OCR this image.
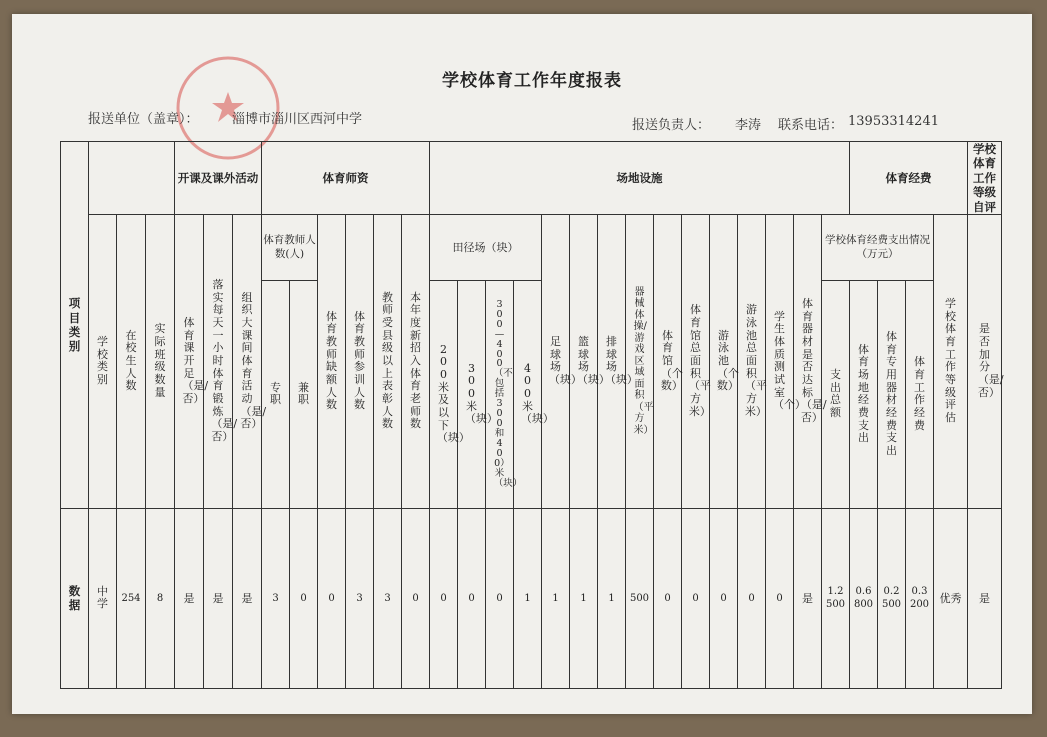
学校体育工作年度报表
报送单位（盖章）：	淄博市淄川区西河中学	报送负责人： 李涛 联系电话： 13953314241
项目类别				开课及课外活动			体育师资						场地设施															体育经费				学校体育工作等级自评
	学校类别	在校生人数	实际班级数量	体育课开足（是/否）	落实每天一小时体育锻炼（是/否）	组织大课间体育活动（是/否）	体育教师人数(人)		体育教师缺额人数	体育教师参训人数	教师受县级以上表彰人数	本年度新招入体育老师数	田径场（块）				足球场（块）	篮球场（块）	排球场（块）	器械体操/游戏区域面积（平方米）	体育馆（个数）	体育馆总面积（平方米）	游泳池（个数）	游泳池总面积（平方米）	学生体质测试室（个）	体育器材是否达标（是/否）	学校体育经费支出情况（万元）				学校体育工作等级评估	是否加分（是/否）
							专职	兼职					200米及以下（块）	300米（块）	300—400（不包括300和400）米（块）	400米（块）											支出总额	体育场地经费支出	体育专用器材经费支出	体育工作经费		
数据	中学	254	8	是	是	是	3	0	0	3	3	0	0	0	0	1	1	1	1	500	0	0	0	0	0	是	1.2500	0.6800	0.2500	0.3200	优秀	是
